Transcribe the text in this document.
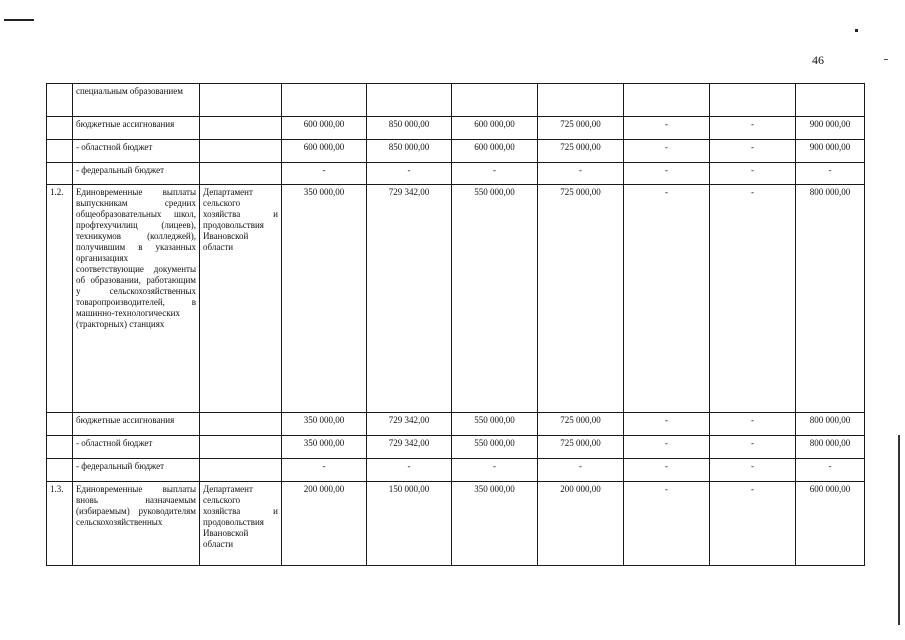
46
	специальным образованием								
	бюджетные ассигнования		600 000,00	850 000,00	600 000,00	725 000,00	-	-	900 000,00
	- областной бюджет		600 000,00	850 000,00	600 000,00	725 000,00	-	-	900 000,00
	- федеральный бюджет		-	-	-	-	-	-	-
1.2.	Единовременные выплаты выпускникам средних общеобразовательных школ, профтехучилищ (лицеев), техникумов (колледжей), получившим в указанных организациях соответствующие документы об образовании, работающим у сельскохозяйственных товаропроизводителей, в машинно-технологических (тракторных) станциях	Департамент сельского хозяйства и продовольствия Ивановской области	350 000,00	729 342,00	550 000,00	725 000,00	-	-	800 000,00
	бюджетные ассигнования		350 000,00	729 342,00	550 000,00	725 000,00	-	-	800 000,00
	- областной бюджет		350 000,00	729 342,00	550 000,00	725 000,00	-	-	800 000,00
	- федеральный бюджет		-	-	-	-	-	-	-
1.3.	Единовременные выплаты вновь назначаемым (избираемым) руководителям сельскохозяйственных	Департамент сельского хозяйства и продовольствия Ивановской области	200 000,00	150 000,00	350 000,00	200 000,00	-	-	600 000,00
